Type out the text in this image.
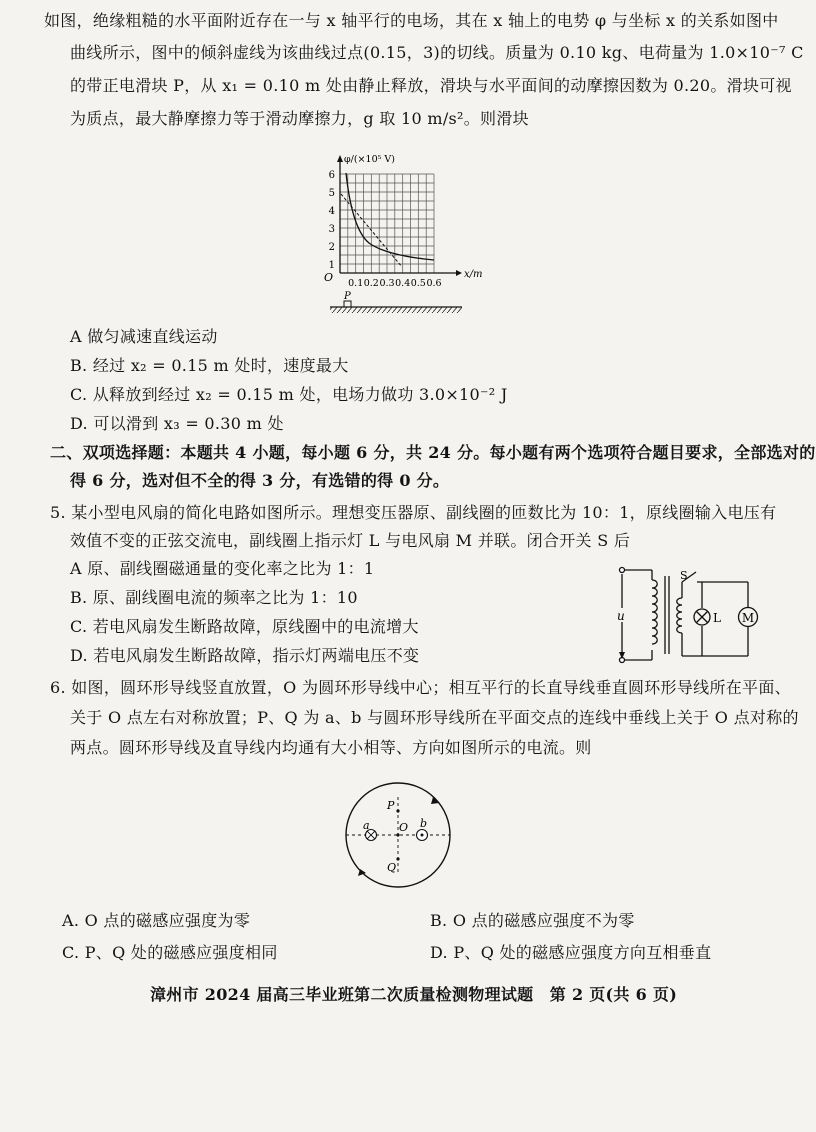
如图，绝缘粗糙的水平面附近存在一与 x 轴平行的电场，其在 x 轴上的电势 φ 与坐标 x 的关系如图中
曲线所示，图中的倾斜虚线为该曲线过点(0.15，3)的切线。质量为 0.10 kg、电荷量为 1.0×10⁻⁷ C
的带正电滑块 P，从 x₁ = 0.10 m 处由静止释放，滑块与水平面间的动摩擦因数为 0.20。滑块可视
为质点，最大静摩擦力等于滑动摩擦力，g 取 10 m/s²。则滑块
φ/(×10⁵ V)
x/m
O
1
2
3
4
5
6
0.1 0.2 0.3 0.4 0.5 0.6
P
A 做匀减速直线运动
B. 经过 x₂ = 0.15 m 处时，速度最大
C. 从释放到经过 x₂ = 0.15 m 处，电场力做功 3.0×10⁻² J
D. 可以滑到 x₃ = 0.30 m 处
二、双项选择题：本题共 4 小题，每小题 6 分，共 24 分。每小题有两个选项符合题目要求，全部选对的
得 6 分，选对但不全的得 3 分，有选错的得 0 分。
5. 某小型电风扇的简化电路如图所示。理想变压器原、副线圈的匝数比为 10：1，原线圈输入电压有
效值不变的正弦交流电，副线圈上指示灯 L 与电风扇 M 并联。闭合开关 S 后
A 原、副线圈磁通量的变化率之比为 1：1
B. 原、副线圈电流的频率之比为 1：10
C. 若电风扇发生断路故障，原线圈中的电流增大
D. 若电风扇发生断路故障，指示灯两端电压不变
u
S
L M
6. 如图，圆环形导线竖直放置，O 为圆环形导线中心；相互平行的长直导线垂直圆环形导线所在平面、
关于 O 点左右对称放置；P、Q 为 a、b 与圆环形导线所在平面交点的连线中垂线上关于 O 点对称的
两点。圆环形导线及直导线内均通有大小相等、方向如图所示的电流。则
a	b
O
P
Q
A. O 点的磁感应强度为零	B. O 点的磁感应强度不为零
C. P、Q 处的磁感应强度相同	D. P、Q 处的磁感应强度方向互相垂直
漳州市 2024 届高三毕业班第二次质量检测物理试题　第 2 页(共 6 页)
